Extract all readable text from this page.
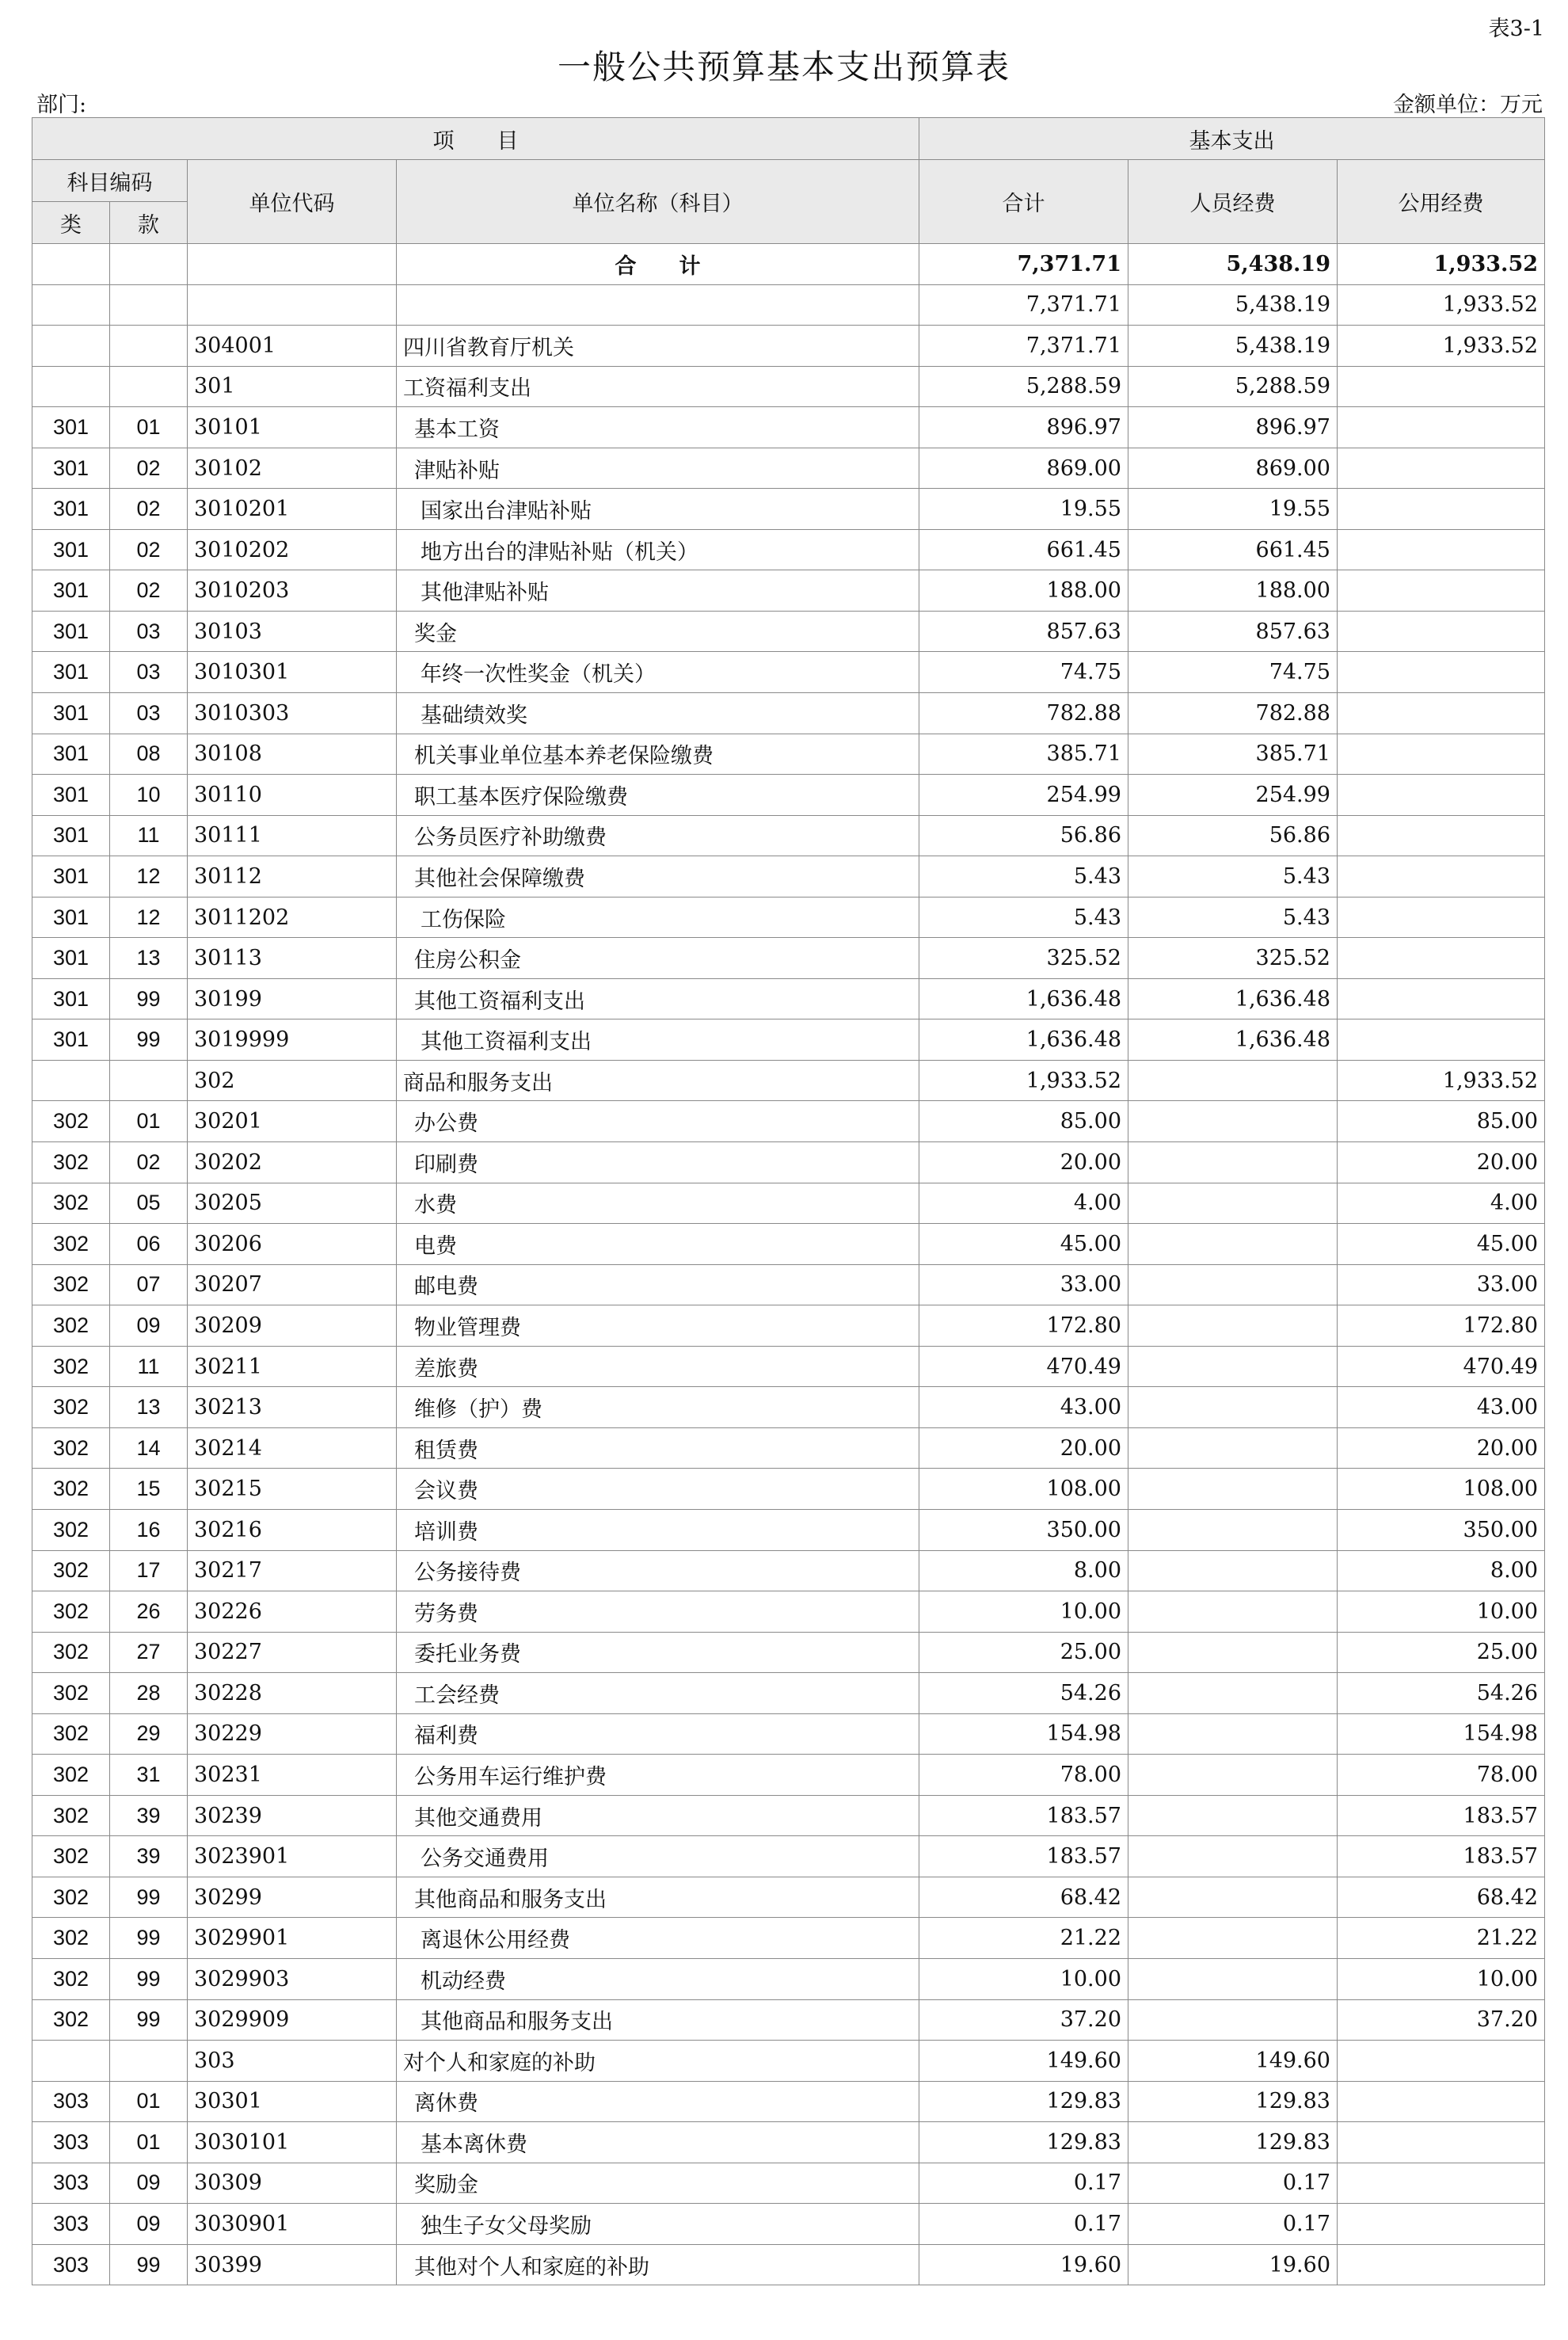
表3-1
一般公共预算基本支出预算表
部门:	金额单位：万元
项　　目				基本支出		
科目编码		单位代码	单位名称（科目）	合计	人员经费	公用经费
类	款					
			合　　计	7,371.71	5,438.19	1,933.52
				7,371.71	5,438.19	1,933.52
		304001	四川省教育厅机关	7,371.71	5,438.19	1,933.52
		301	工资福利支出	5,288.59	5,288.59	
301	01	30101	基本工资	896.97	896.97	
301	02	30102	津贴补贴	869.00	869.00	
301	02	3010201	国家出台津贴补贴	19.55	19.55	
301	02	3010202	地方出台的津贴补贴（机关）	661.45	661.45	
301	02	3010203	其他津贴补贴	188.00	188.00	
301	03	30103	奖金	857.63	857.63	
301	03	3010301	年终一次性奖金（机关）	74.75	74.75	
301	03	3010303	基础绩效奖	782.88	782.88	
301	08	30108	机关事业单位基本养老保险缴费	385.71	385.71	
301	10	30110	职工基本医疗保险缴费	254.99	254.99	
301	11	30111	公务员医疗补助缴费	56.86	56.86	
301	12	30112	其他社会保障缴费	5.43	5.43	
301	12	3011202	工伤保险	5.43	5.43	
301	13	30113	住房公积金	325.52	325.52	
301	99	30199	其他工资福利支出	1,636.48	1,636.48	
301	99	3019999	其他工资福利支出	1,636.48	1,636.48	
		302	商品和服务支出	1,933.52		1,933.52
302	01	30201	办公费	85.00		85.00
302	02	30202	印刷费	20.00		20.00
302	05	30205	水费	4.00		4.00
302	06	30206	电费	45.00		45.00
302	07	30207	邮电费	33.00		33.00
302	09	30209	物业管理费	172.80		172.80
302	11	30211	差旅费	470.49		470.49
302	13	30213	维修（护）费	43.00		43.00
302	14	30214	租赁费	20.00		20.00
302	15	30215	会议费	108.00		108.00
302	16	30216	培训费	350.00		350.00
302	17	30217	公务接待费	8.00		8.00
302	26	30226	劳务费	10.00		10.00
302	27	30227	委托业务费	25.00		25.00
302	28	30228	工会经费	54.26		54.26
302	29	30229	福利费	154.98		154.98
302	31	30231	公务用车运行维护费	78.00		78.00
302	39	30239	其他交通费用	183.57		183.57
302	39	3023901	公务交通费用	183.57		183.57
302	99	30299	其他商品和服务支出	68.42		68.42
302	99	3029901	离退休公用经费	21.22		21.22
302	99	3029903	机动经费	10.00		10.00
302	99	3029909	其他商品和服务支出	37.20		37.20
		303	对个人和家庭的补助	149.60	149.60	
303	01	30301	离休费	129.83	129.83	
303	01	3030101	基本离休费	129.83	129.83	
303	09	30309	奖励金	0.17	0.17	
303	09	3030901	独生子女父母奖励	0.17	0.17	
303	99	30399	其他对个人和家庭的补助	19.60	19.60	
